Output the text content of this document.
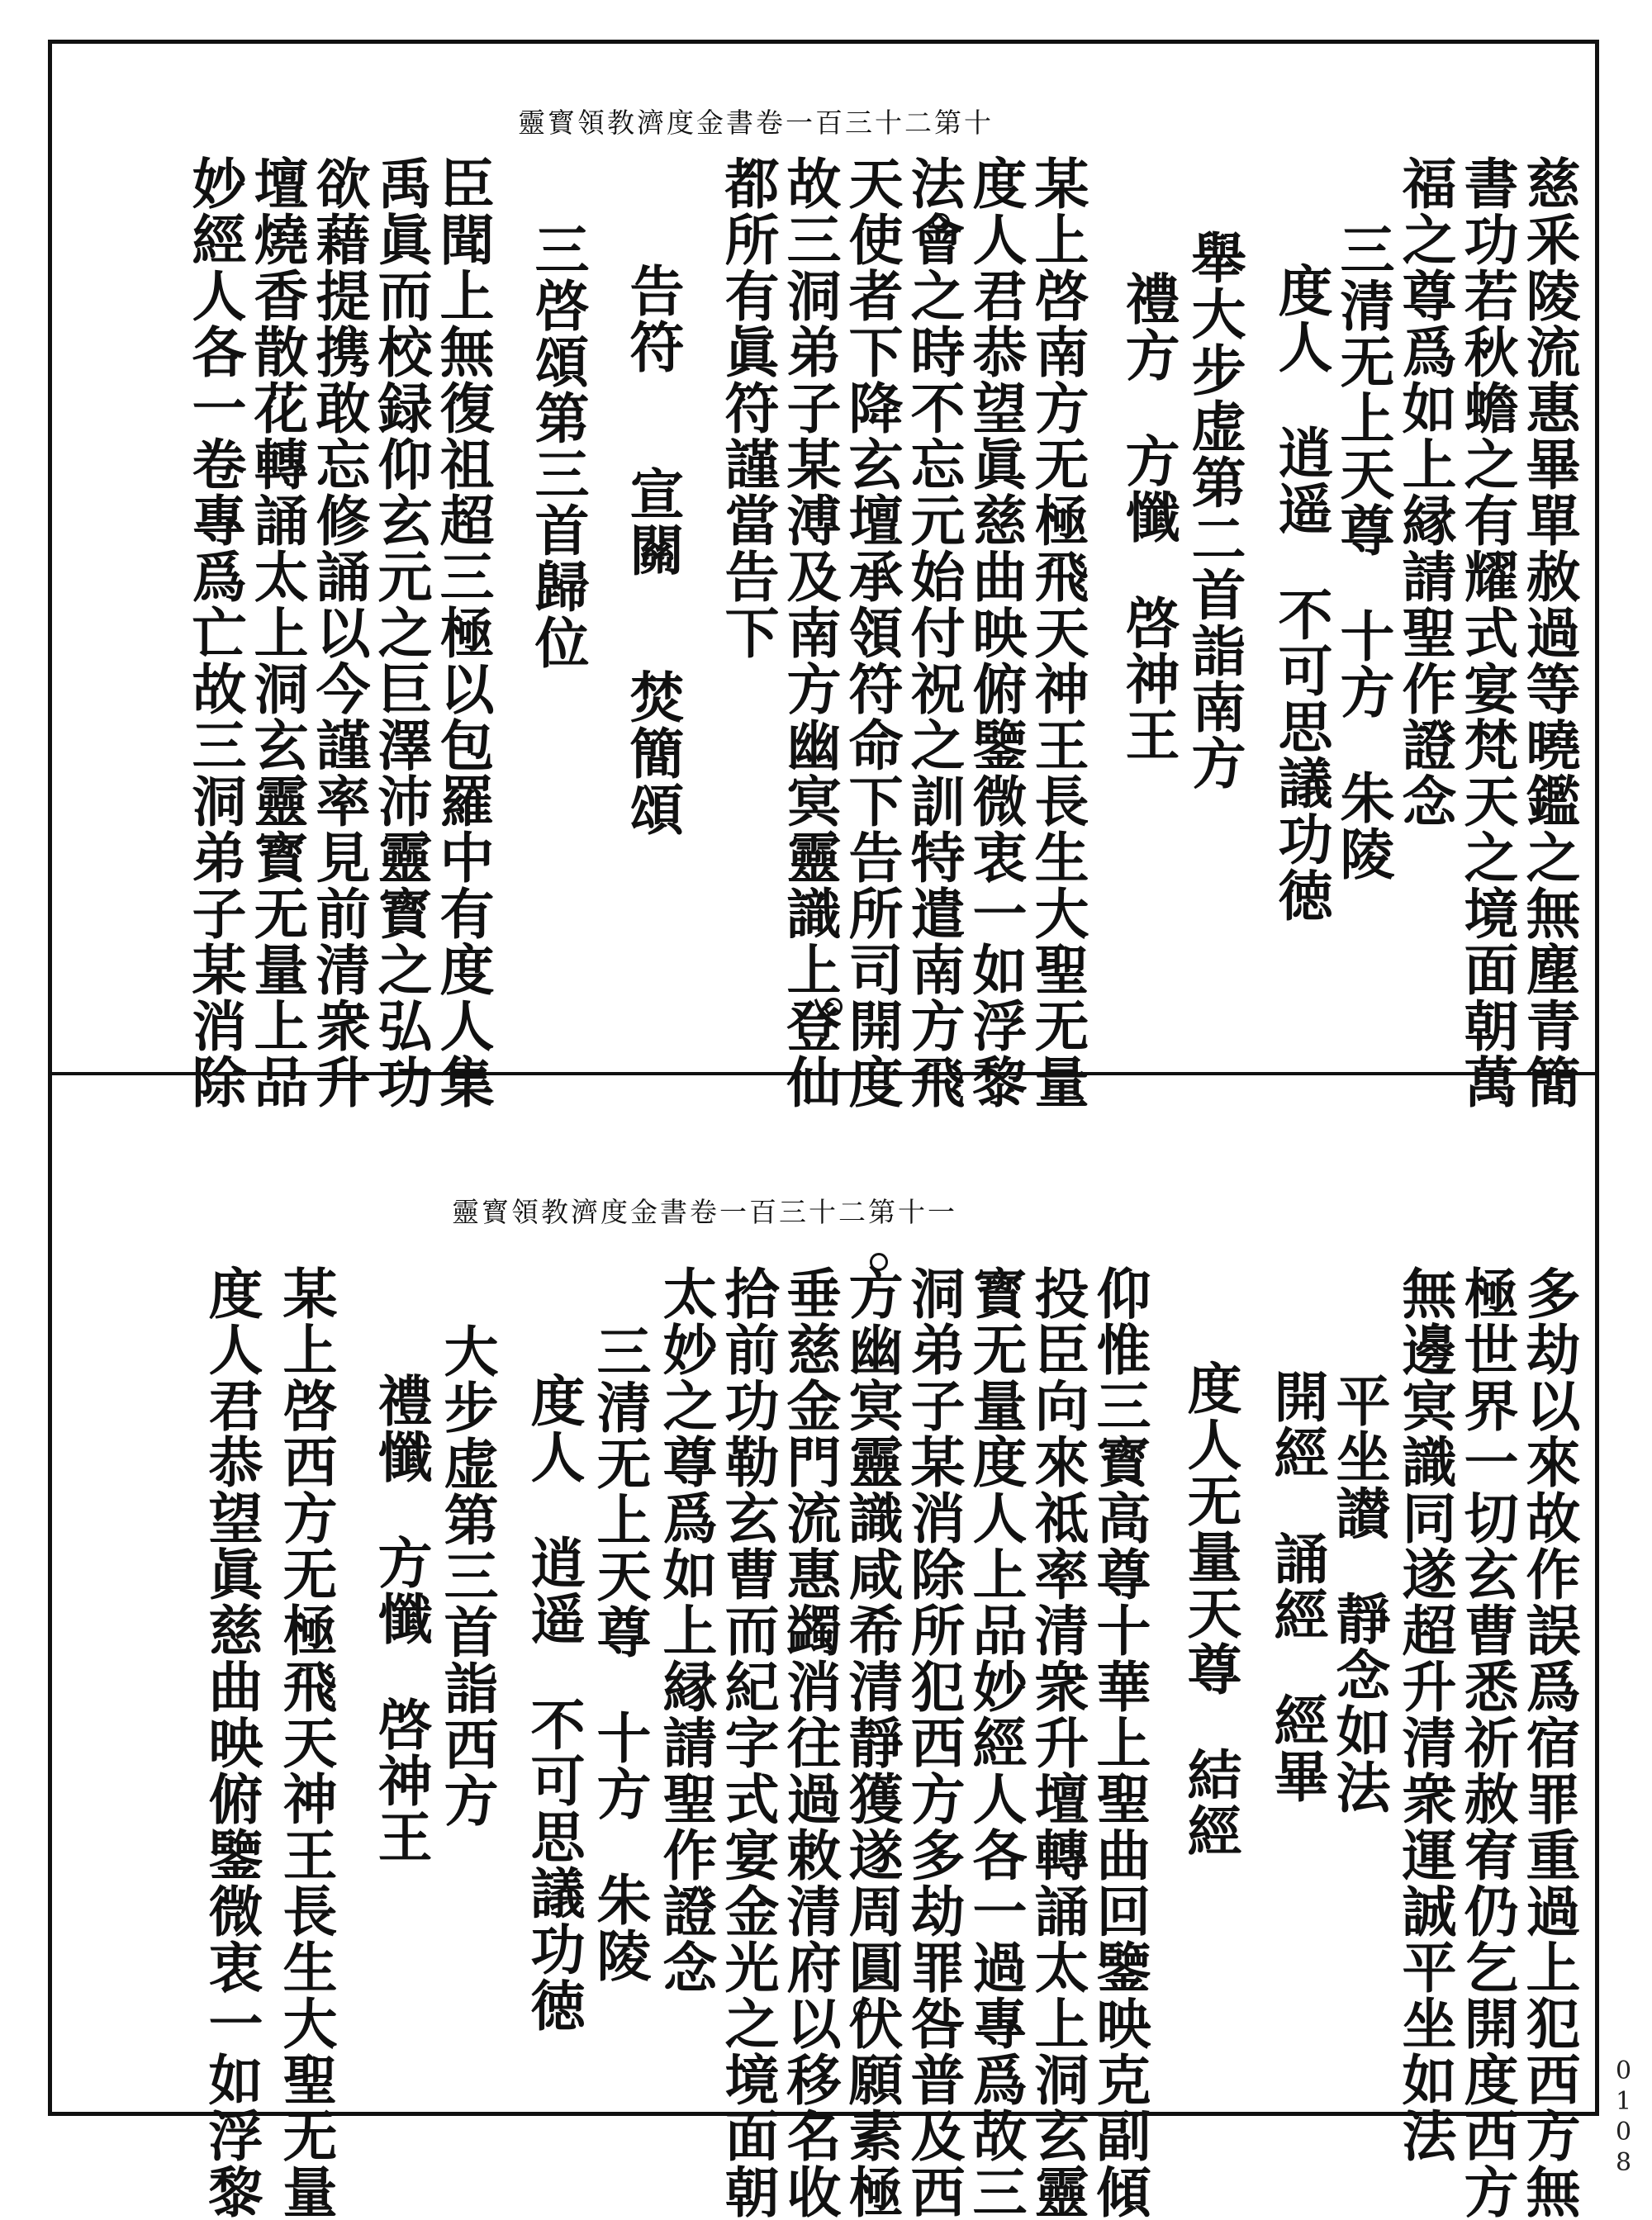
靈寳領教濟度金書卷一百三十二第十
慈釆陵流惠畢單赦過等曉鑑之無塵青簡
書功若秋蟾之有耀式宴梵天之境面朝萬
福之尊爲如上縁請聖作證念
三清无上天尊十方朱陵
度人逍遥不可思議功徳
舉大步虚第二首詣南方
禮方方懺啓神王
某上啓南方无極飛天神王長生大聖无量
度人君恭望眞慈曲映俯鑒微衷一如浮黎
法會之時不忘元始付祝之訓特遣南方飛
天使者下降玄壇承領符命下告所司開度
故三洞弟子某溥及南方幽㝠靈識上登仙
都所有眞符謹當告下
告符宣關焚簡頌
三啓頌第三首歸位
臣聞上無復祖超三極以包羅中有度人集
禹眞而校録仰玄元之巨澤沛靈寳之弘功
欲藉提携敢忘修誦以今謹率見前清衆升
壇燒香散花轉誦太上洞玄靈寳无量上品
妙經人各一卷專爲亡故三洞弟子某消除
靈寳領教濟度金書卷一百三十二第十一
多劫以來故作誤爲宿罪重過上犯西方無
極世界一切玄曹悉祈赦宥仍乞開度西方
無邊㝠識同遂超升清衆運誠平坐如法
平坐讃靜念如法
開經誦經經畢
度人无量天尊結經
仰惟三寳高尊十華上聖曲回鑒映克副傾
投臣向來祗率清衆升壇轉誦太上洞玄靈
寳无量度人上品妙經人各一過專爲故三
洞弟子某消除所犯西方多劫罪咎普及西
方幽㝠靈識咸希清靜獲遂周圓伏願素極
垂慈金門流惠蠲消往過敕清府以移名收
拾前功勒玄曹而紀字式宴金光之境面朝
太妙之尊爲如上縁請聖作證念
三清无上天尊十方朱陵
度人逍遥不可思議功徳
大步虚第三首詣西方
禮懺方懺啓神王
某上啓西方无極飛天神王長生大聖无量
度人君恭望眞慈曲映俯鑒微衷一如浮黎	0108
